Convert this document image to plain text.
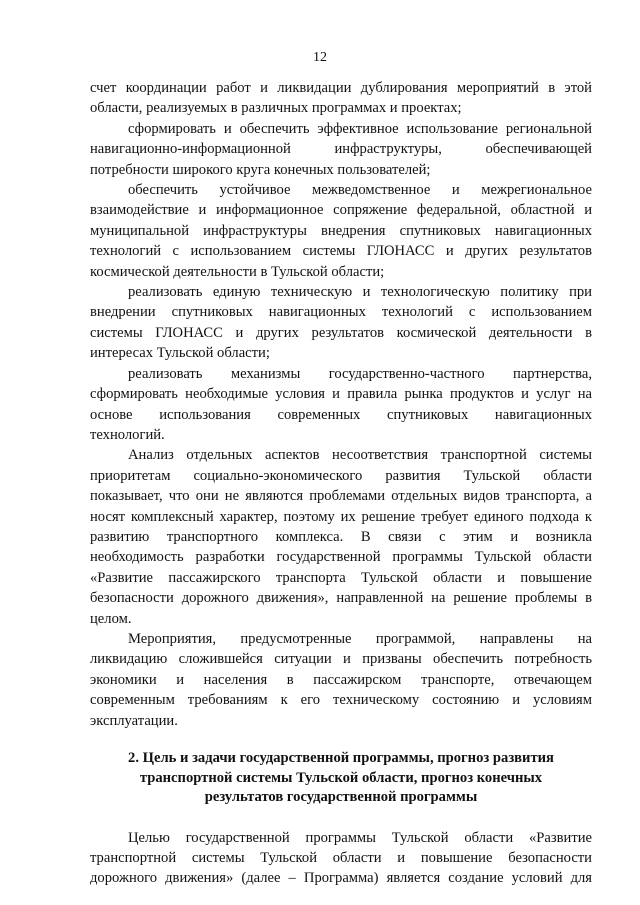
12
счет координации работ и ликвидации дублирования мероприятий в этой
области, реализуемых в различных программах и проектах;
сформировать и обеспечить эффективное использование региональной
навигационно-информационной инфраструктуры, обеспечивающей
потребности широкого круга конечных пользователей;
обеспечить устойчивое межведомственное и межрегиональное
взаимодействие и информационное сопряжение федеральной, областной и
муниципальной инфраструктуры внедрения спутниковых навигационных
технологий с использованием системы ГЛОНАСС и других результатов
космической деятельности в Тульской области;
реализовать единую техническую и технологическую политику при
внедрении спутниковых навигационных технологий с использованием
системы ГЛОНАСС и других результатов космической деятельности в
интересах Тульской области;
реализовать механизмы государственно-частного партнерства,
сформировать необходимые условия и правила рынка продуктов и услуг на
основе использования современных спутниковых навигационных
технологий.
Анализ отдельных аспектов несоответствия транспортной системы
приоритетам социально-экономического развития Тульской области
показывает, что они не являются проблемами отдельных видов транспорта, а
носят комплексный характер, поэтому их решение требует единого подхода к
развитию транспортного комплекса. В связи с этим и возникла
необходимость разработки государственной программы Тульской области
«Развитие пассажирского транспорта Тульской области и повышение
безопасности дорожного движения», направленной на решение проблемы в
целом.
Мероприятия, предусмотренные программой, направлены на
ликвидацию сложившейся ситуации и призваны обеспечить потребность
экономики и населения в пассажирском транспорте, отвечающем
современным требованиям к его техническому состоянию и условиям
эксплуатации.
2. Цель и задачи государственной программы, прогноз развития
транспортной системы Тульской области, прогноз конечных
результатов государственной программы
Целью государственной программы Тульской области «Развитие
транспортной системы Тульской области и повышение безопасности
дорожного движения» (далее – Программа) является создание условий для
